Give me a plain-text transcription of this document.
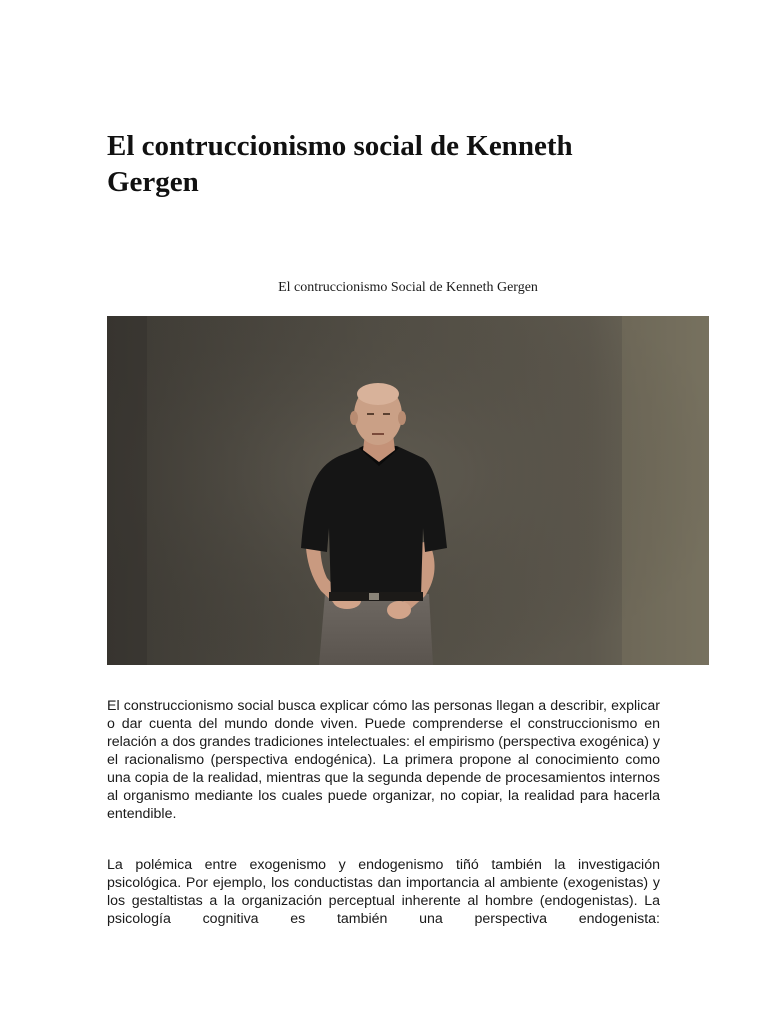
El contruccionismo social de Kenneth Gergen
El contruccionismo Social de Kenneth Gergen

El construccionismo social busca explicar cómo las personas llegan a describir, explicar o dar cuenta del mundo donde viven. Puede comprenderse el construccionismo en relación a dos grandes tradiciones intelectuales: el empirismo (perspectiva exogénica) y el racionalismo (perspectiva endogénica). La primera propone al conocimiento como una copia de la realidad, mientras que la segunda depende de procesamientos internos al organismo mediante los cuales puede organizar, no copiar, la realidad para hacerla entendible.

La polémica entre exogenismo y endogenismo tiñó también la investigación psicológica. Por ejemplo, los conductistas dan importancia al ambiente (exogenistas) y los gestaltistas a la organización perceptual inherente al hombre (endogenistas). La psicología cognitiva es también una perspectiva endogenista:
